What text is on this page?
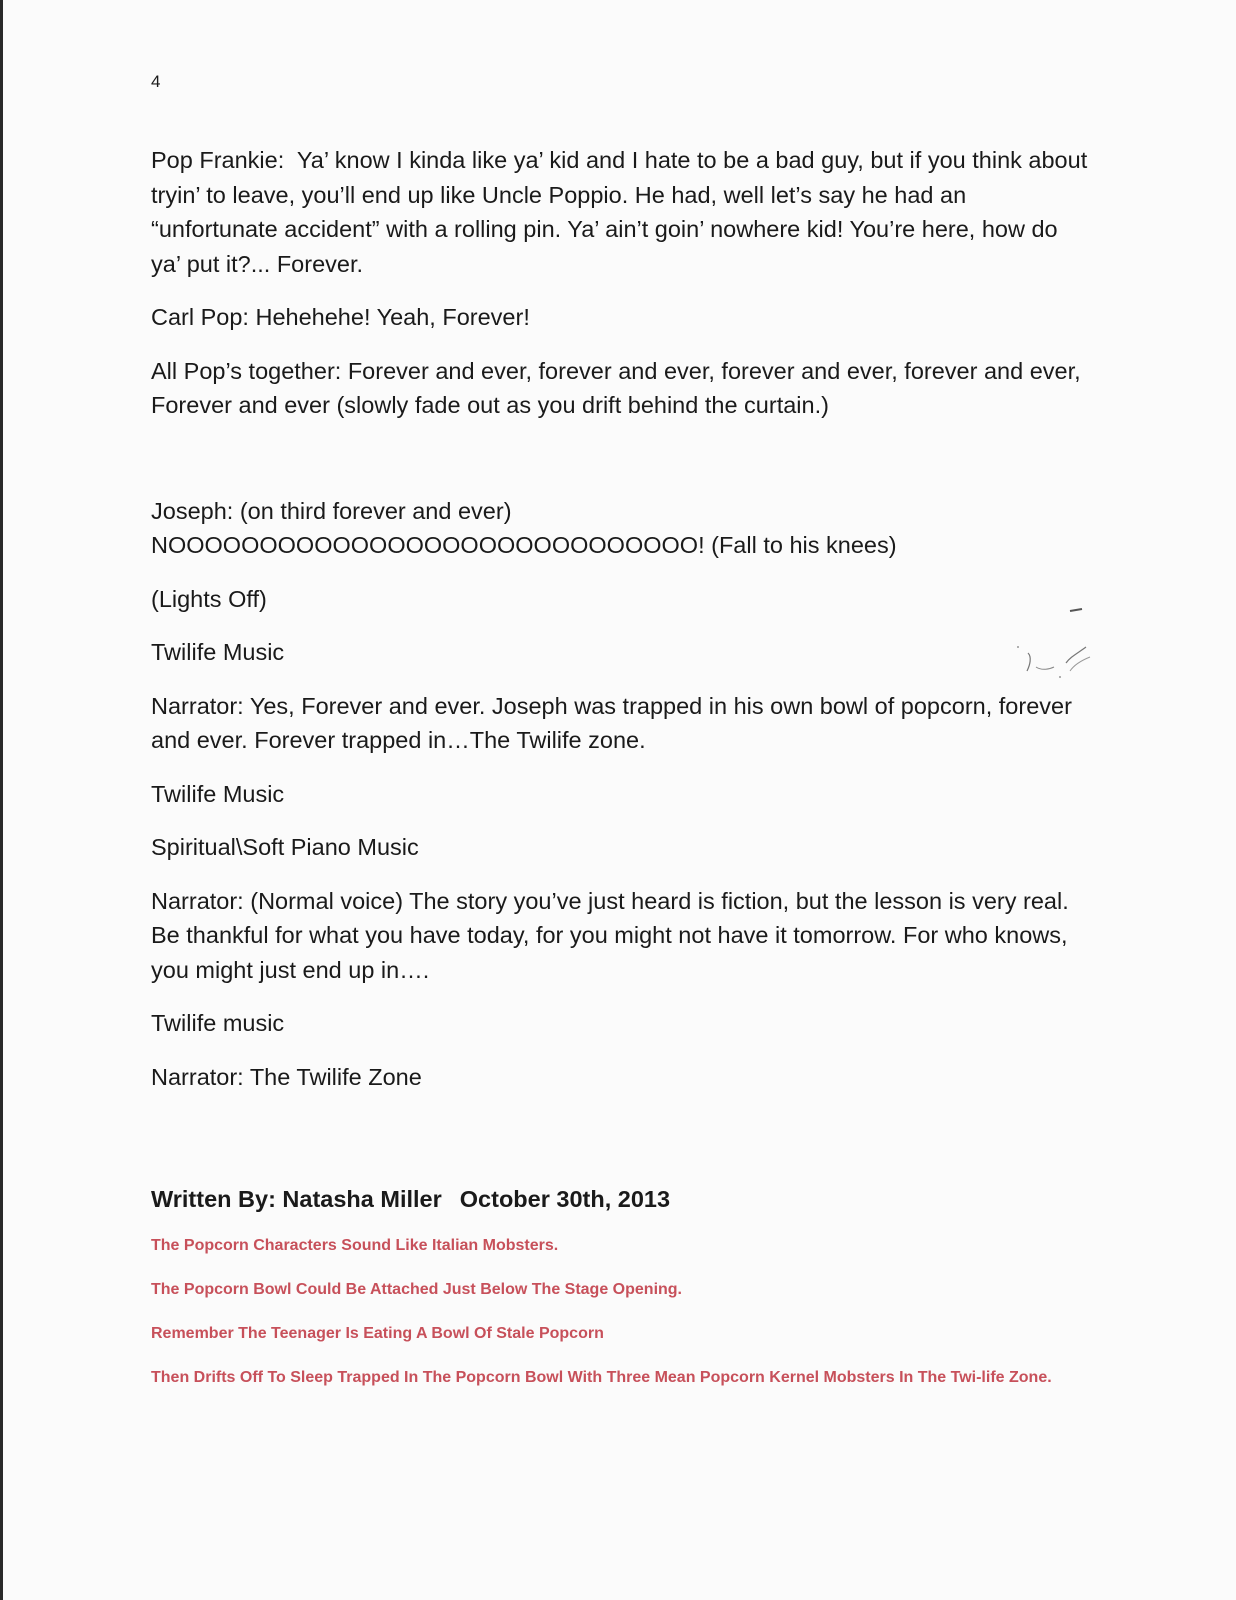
4

Pop Frankie:  Ya’ know I kinda like ya’ kid and I hate to be a bad guy, but if you think about tryin’ to leave, you’ll end up like Uncle Poppio. He had, well let’s say he had an “unfortunate accident” with a rolling pin. Ya’ ain’t goin’ nowhere kid! You’re here, how do ya’ put it?... Forever.

Carl Pop: Hehehehe! Yeah, Forever!

All Pop’s together: Forever and ever, forever and ever, forever and ever, forever and ever, Forever and ever (slowly fade out as you drift behind the curtain.)

Joseph: (on third forever and ever)
NOOOOOOOOOOOOOOOOOOOOOOOOOOOOO! (Fall to his knees)

(Lights Off)

Twilife Music

Narrator: Yes, Forever and ever. Joseph was trapped in his own bowl of popcorn, forever and ever. Forever trapped in…The Twilife zone.

Twilife Music

Spiritual\Soft Piano Music

Narrator: (Normal voice) The story you’ve just heard is fiction, but the lesson is very real. Be thankful for what you have today, for you might not have it tomorrow. For who knows, you might just end up in….

Twilife music

Narrator: The Twilife Zone

Written By: Natasha Miller October 30th, 2013

The Popcorn Characters Sound Like Italian Mobsters.

The Popcorn Bowl Could Be Attached Just Below The Stage Opening.

Remember The Teenager Is Eating A Bowl Of Stale Popcorn

Then Drifts Off To Sleep Trapped In The Popcorn Bowl With Three Mean Popcorn Kernel Mobsters In The Twi-life Zone.
